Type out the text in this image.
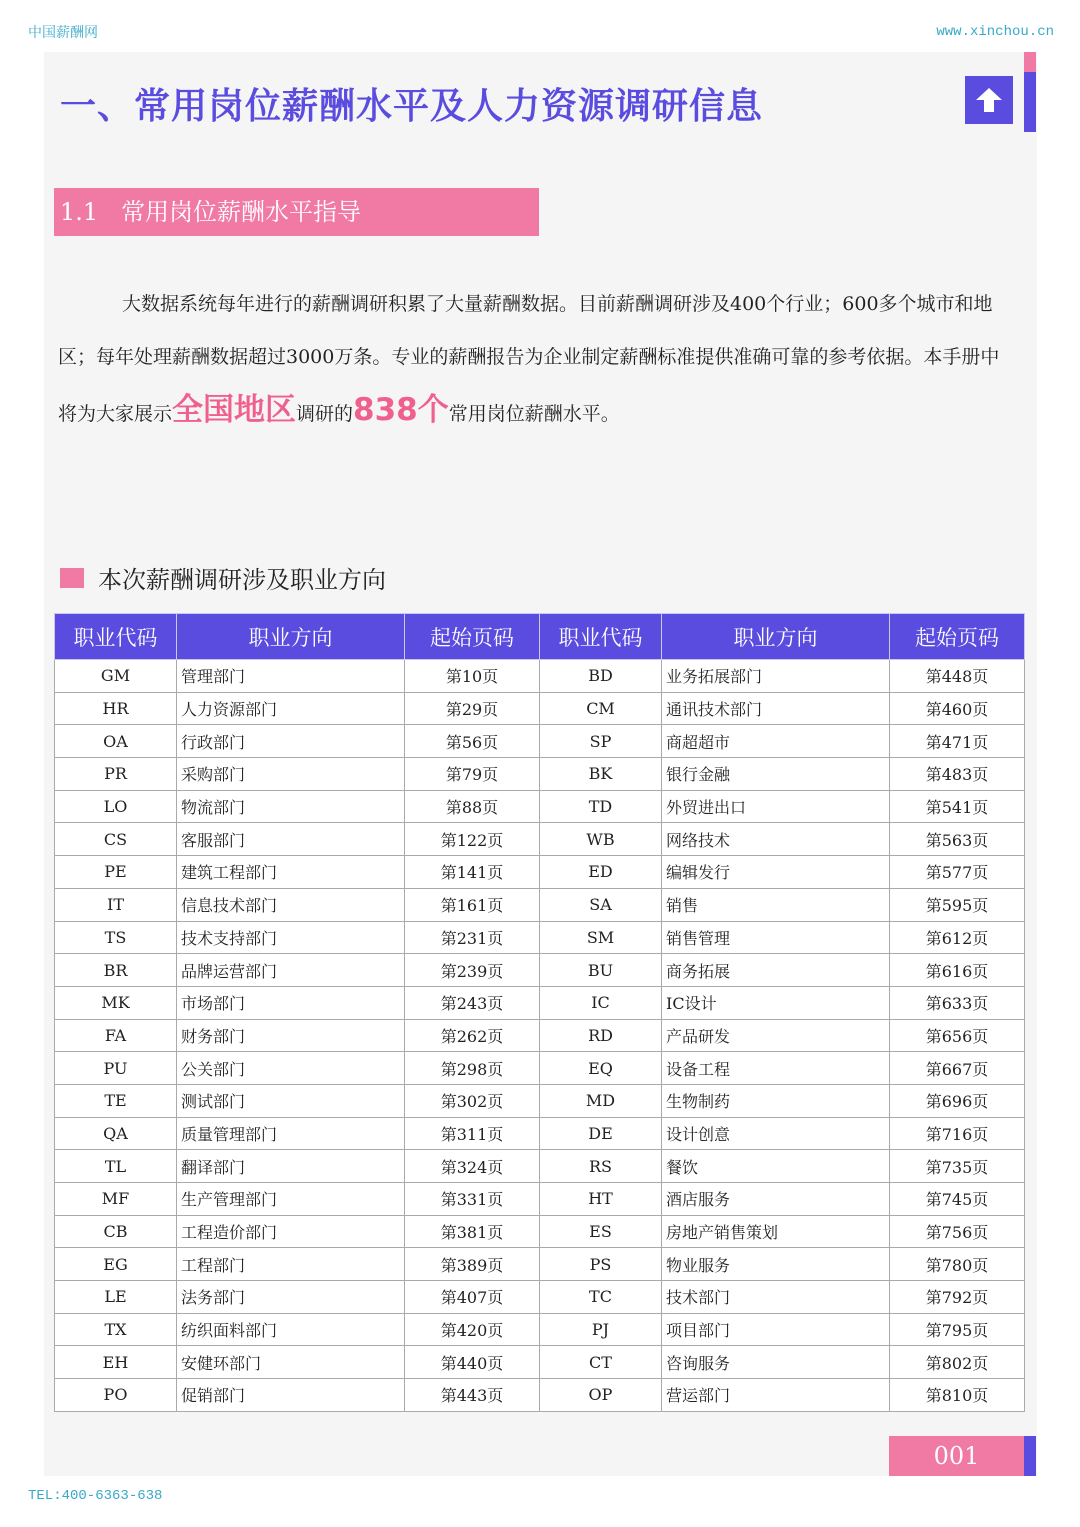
中国薪酬网	www.xinchou.cn
一、常用岗位薪酬水平及人力资源调研信息
1.1 常用岗位薪酬水平指导

大数据系统每年进行的薪酬调研积累了大量薪酬数据。目前薪酬调研涉及400个行业；600多个城市和地区；每年处理薪酬数据超过3000万条。专业的薪酬报告为企业制定薪酬标准提供准确可靠的参考依据。本手册中将为大家展示全国地区调研的838个常用岗位薪酬水平。

本次薪酬调研涉及职业方向
职业代码	职业方向	起始页码	职业代码	职业方向	起始页码
GM	管理部门	第10页	BD	业务拓展部门	第448页
HR	人力资源部门	第29页	CM	通讯技术部门	第460页
OA	行政部门	第56页	SP	商超超市	第471页
PR	采购部门	第79页	BK	银行金融	第483页
LO	物流部门	第88页	TD	外贸进出口	第541页
CS	客服部门	第122页	WB	网络技术	第563页
PE	建筑工程部门	第141页	ED	编辑发行	第577页
IT	信息技术部门	第161页	SA	销售	第595页
TS	技术支持部门	第231页	SM	销售管理	第612页
BR	品牌运营部门	第239页	BU	商务拓展	第616页
MK	市场部门	第243页	IC	IC设计	第633页
FA	财务部门	第262页	RD	产品研发	第656页
PU	公关部门	第298页	EQ	设备工程	第667页
TE	测试部门	第302页	MD	生物制药	第696页
QA	质量管理部门	第311页	DE	设计创意	第716页
TL	翻译部门	第324页	RS	餐饮	第735页
MF	生产管理部门	第331页	HT	酒店服务	第745页
CB	工程造价部门	第381页	ES	房地产销售策划	第756页
EG	工程部门	第389页	PS	物业服务	第780页
LE	法务部门	第407页	TC	技术部门	第792页
TX	纺织面料部门	第420页	PJ	项目部门	第795页
EH	安健环部门	第440页	CT	咨询服务	第802页
PO	促销部门	第443页	OP	营运部门	第810页
001
TEL:400-6363-638
